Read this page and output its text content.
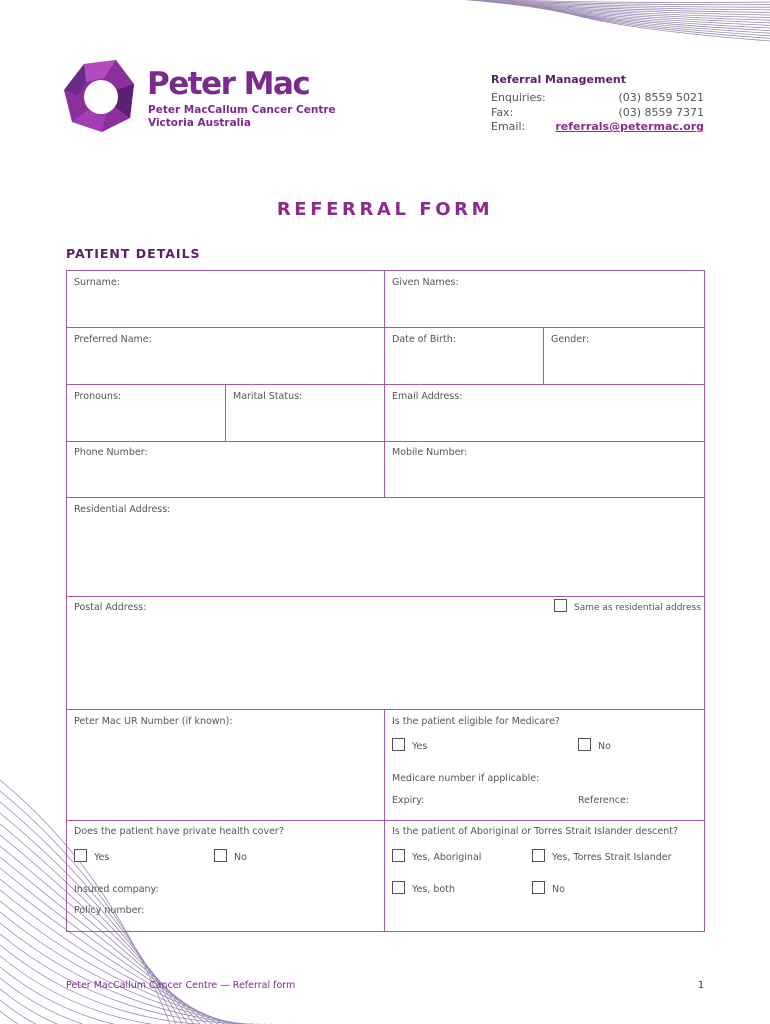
Peter Mac
Peter MacCallum Cancer Centre
Victoria Australia
Referral Management
Enquiries:	(03) 8559 5021
Fax:	(03) 8559 7371
Email:	referrals@petermac.org
REFERRAL FORM
PATIENT DETAILS
Surname:	Given Names:
Preferred Name:	Date of Birth:	Gender:
Pronouns:	Marital Status:	Email Address:
Phone Number:	Mobile Number:
Residential Address:
Postal Address:	Same as residential address
Peter Mac UR Number (if known):	Is the patient eligible for Medicare?
Yes	No
Medicare number if applicable:
Expiry:	Reference:
Does the patient have private health cover?
Yes	No
Insured company:
Policy number:
Is the patient of Aboriginal or Torres Strait Islander descent?
Yes, Aboriginal	Yes, Torres Strait Islander
Yes, both	No
Peter MacCallum Cancer Centre — Referral form	1
